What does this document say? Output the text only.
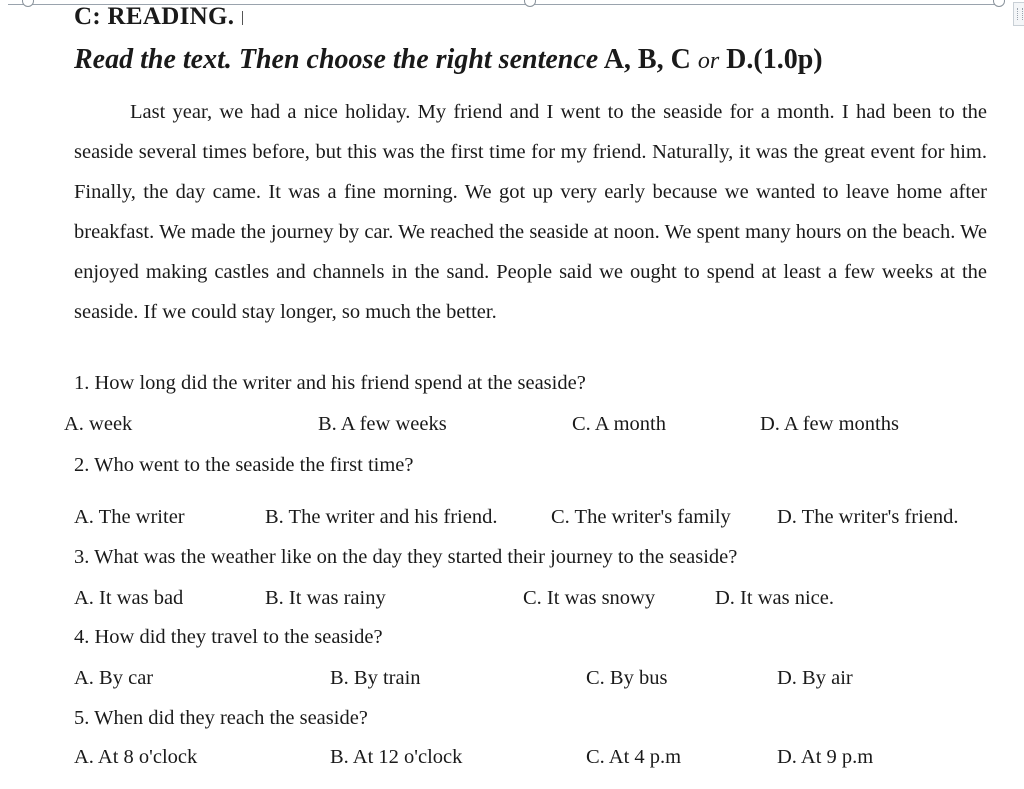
C: READING.
Read the text. Then choose the right sentence A, B, C or D.(1.0p)

Last year, we had a nice holiday. My friend and I went to the seaside for a month. I had been to the seaside several times before, but this was the first time for my friend. Naturally, it was the great event for him. Finally, the day came. It was a fine morning. We got up very early because we wanted to leave home after breakfast. We made the journey by car. We reached the seaside at noon. We spent many hours on the beach. We enjoyed making castles and channels in the sand. People said we ought to spend at least a few weeks at the seaside. If we could stay longer, so much the better.

1. How long did the writer and his friend spend at the seaside?
A. week	B. A few weeks	C. A month	D. A few months
2. Who went to the seaside the first time?
A. The writer	B. The writer and his friend.	C. The writer's family D. The writer's friend.
3. What was the weather like on the day they started their journey to the seaside?
A. It was bad	B. It was rainy	C. It was snowy	D. It was nice.
4. How did they travel to the seaside?
A. By car	B. By train	C. By bus	D. By air
5. When did they reach the seaside?
A. At 8 o'clock	B. At 12 o'clock	C. At 4 p.m	D. At 9 p.m
